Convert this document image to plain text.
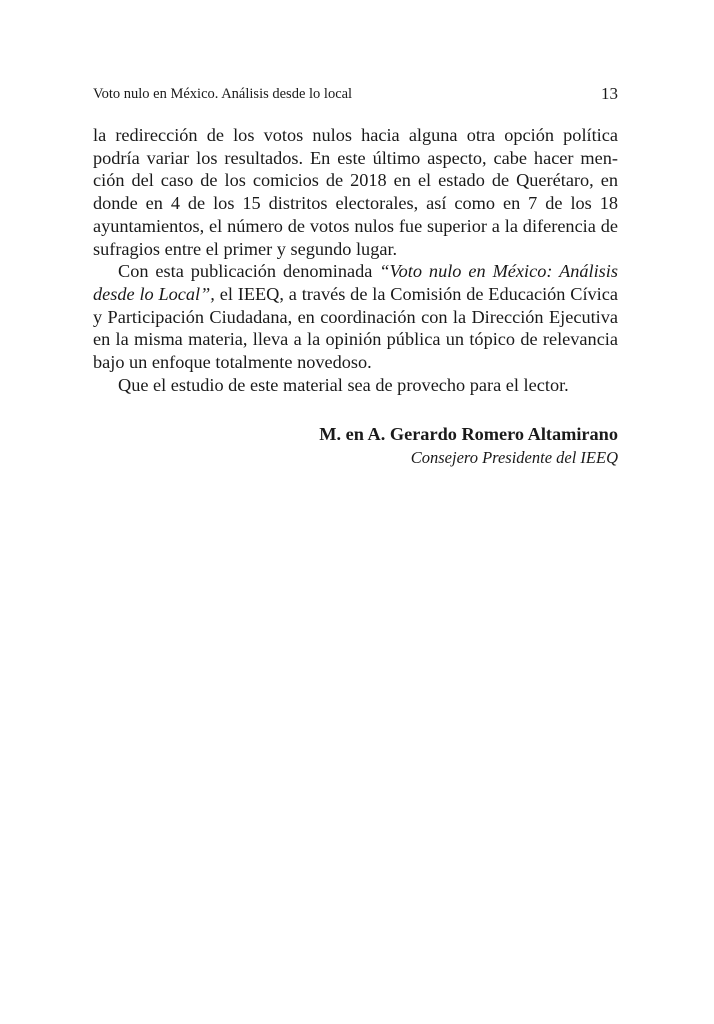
Voto nulo en México. Análisis desde lo local	13

la redirección de los votos nulos hacia alguna otra opción política podría variar los resultados. En este último aspecto, cabe hacer mención del caso de los comicios de 2018 en el estado de Querétaro, en donde en 4 de los 15 distritos electorales, así como en 7 de los 18 ayuntamientos, el número de votos nulos fue superior a la diferencia de sufragios entre el primer y segundo lugar.

Con esta publicación denominada “Voto nulo en México: Análisis desde lo Local”, el IEEQ, a través de la Comisión de Educación Cívica y Participación Ciudadana, en coordinación con la Dirección Ejecutiva en la misma materia, lleva a la opinión pública un tópico de relevancia bajo un enfoque totalmente novedoso.

Que el estudio de este material sea de provecho para el lector.

M. en A. Gerardo Romero Altamirano
Consejero Presidente del IEEQ
